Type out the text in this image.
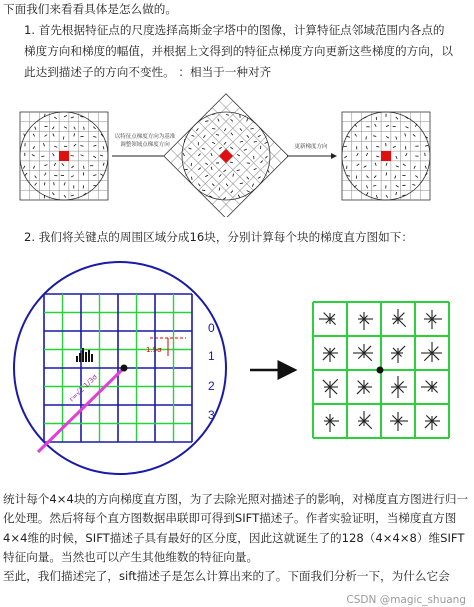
下面我们来看看具体是怎么做的。
1. 首先根据特征点的尺度选择高斯金字塔中的图像，计算特征点邻域范围内各点的
梯度方向和梯度的幅值，并根据上文得到的特征点梯度方向更新这些梯度的方向，以
此达到描述子的方向不变性。 ：相当于一种对齐
以特征点梯度方向为基准
调整领域点梯度方向	更新梯度方向
2. 我们将关键点的周围区域分成16块，分别计算每个块的梯度直方图如下：
r=√2·1/3σ
1.5σ
0
1
2
3

统计每个4×4块的方向梯度直方图，为了去除光照对描述子的影响，对梯度直方图进行归一化处理。然后将每个直方图数据串联即可得到SIFT描述子。作者实验证明，当梯度直方图4×4维的时候，SIFT描述子具有最好的区分度，因此这就诞生了的128（4×4×8）维SIFT特征向量。当然也可以产生其他维数的特征向量。

至此，我们描述完了，sift描述子是怎么计算出来的了。下面我们分析一下，为什么它会

CSDN @magic_shuang
